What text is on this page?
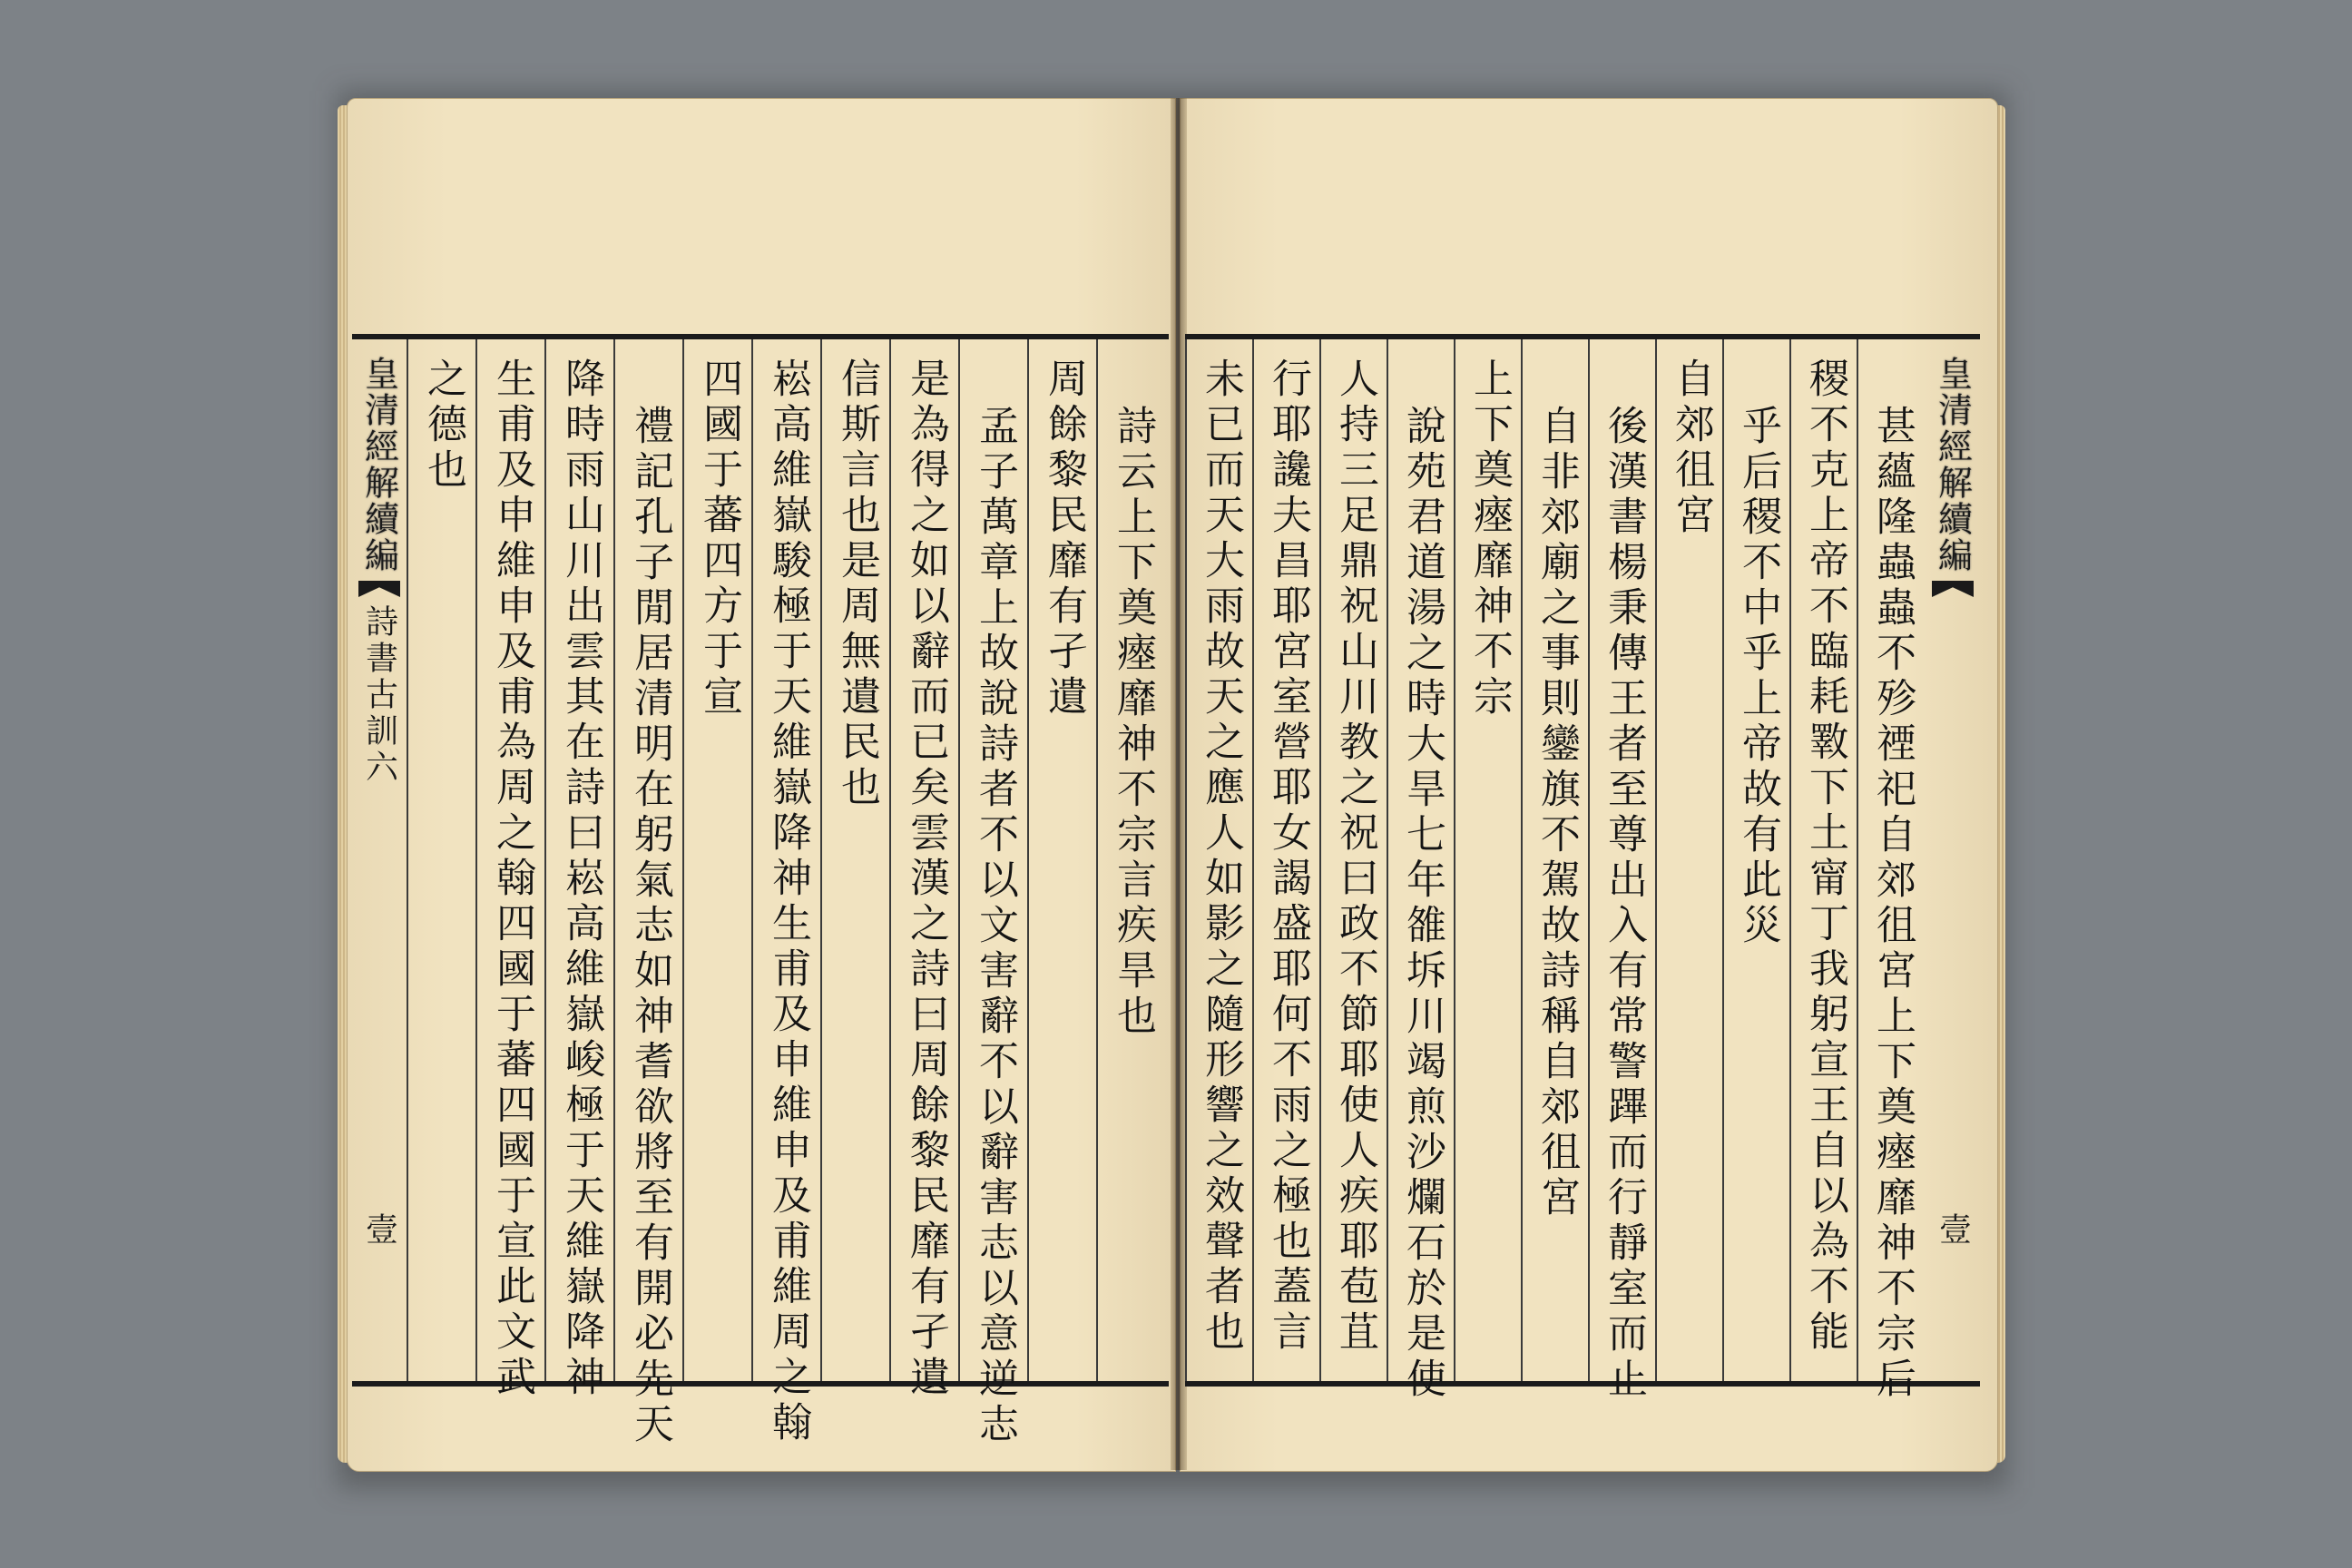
皇清經解續編
詩書古訓六
壹
之德也 生甫及申維申及甫為周之翰四國于蕃四國于宣此文武 降時雨山川出雲其在詩曰崧高維嶽峻極于天維嶽降神 禮記孔子閒居清明在躬氣志如神耆欲將至有開必先天 四國于蕃四方于宣 崧高維嶽駿極于天維嶽降神生甫及申維申及甫維周之翰 信斯言也是周無遺民也 是為得之如以辭而已矣雲漢之詩曰周餘黎民靡有孑遺 孟子萬章上故說詩者不以文害辭不以辭害志以意逆志 周餘黎民靡有孑遺 詩云上下奠瘞靡神不宗言疾旱也	皇清經解續編
壹
未已而天大雨故天之應人如影之隨形響之效聲者也 行耶讒夫昌耶宮室營耶女謁盛耶何不雨之極也蓋言 人持三足鼎祝山川教之祝曰政不節耶使人疾耶苞苴 說苑君道湯之時大旱七年雒坼川竭煎沙爛石於是使 上下奠瘞靡神不宗 自非郊廟之事則鑾旗不駕故詩稱自郊徂宮 後漢書楊秉傳王者至尊出入有常警蹕而行靜室而止 自郊徂宮 乎后稷不中乎上帝故有此災 稷不克上帝不臨耗斁下土甯丁我躬宣王自以為不能 甚蘊隆蟲蟲不殄禋祀自郊徂宮上下奠瘞靡神不宗后
